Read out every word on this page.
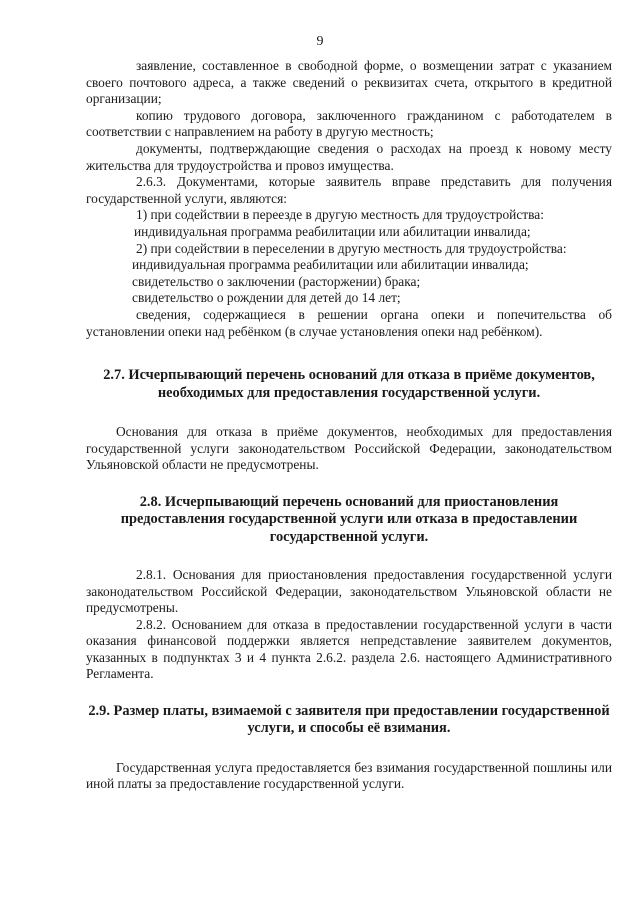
9

заявление, составленное в свободной форме, о возмещении затрат с указанием своего почтового адреса, а также сведений о реквизитах счета, открытого в кредитной организации;

копию трудового договора, заключенного гражданином с работодателем в соответствии с направлением на работу в другую местность;

документы, подтверждающие сведения о расходах на проезд к новому месту жительства для трудоустройства и провоз имущества.

2.6.3. Документами, которые заявитель вправе представить для получения государственной услуги, являются:

1) при содействии в переезде в другую местность для трудоустройства:

индивидуальная программа реабилитации или абилитации инвалида;

2) при содействии в переселении в другую местность для трудоустройства:

индивидуальная программа реабилитации или абилитации инвалида;

свидетельство о заключении (расторжении) брака;

свидетельство о рождении для детей до 14 лет;

сведения, содержащиеся в решении органа опеки и попечительства об установлении опеки над ребёнком (в случае установления опеки над ребёнком).

2.7. Исчерпывающий перечень оснований для отказа в приёме документов, необходимых для предоставления государственной услуги.

Основания для отказа в приёме документов, необходимых для предоставления государственной услуги законодательством Российской Федерации, законодательством Ульяновской области не предусмотрены.

2.8. Исчерпывающий перечень оснований для приостановления предоставления государственной услуги или отказа в предоставлении государственной услуги.

2.8.1. Основания для приостановления предоставления государственной услуги законодательством Российской Федерации, законодательством Ульяновской области не предусмотрены.

2.8.2. Основанием для отказа в предоставлении государственной услуги в части оказания финансовой поддержки является непредставление заявителем документов, указанных в подпунктах 3 и 4 пункта 2.6.2. раздела 2.6. настоящего Административного Регламента.

2.9. Размер платы, взимаемой с заявителя при предоставлении государственной услуги, и способы её взимания.

Государственная услуга предоставляется без взимания государственной пошлины или иной платы за предоставление государственной услуги.
